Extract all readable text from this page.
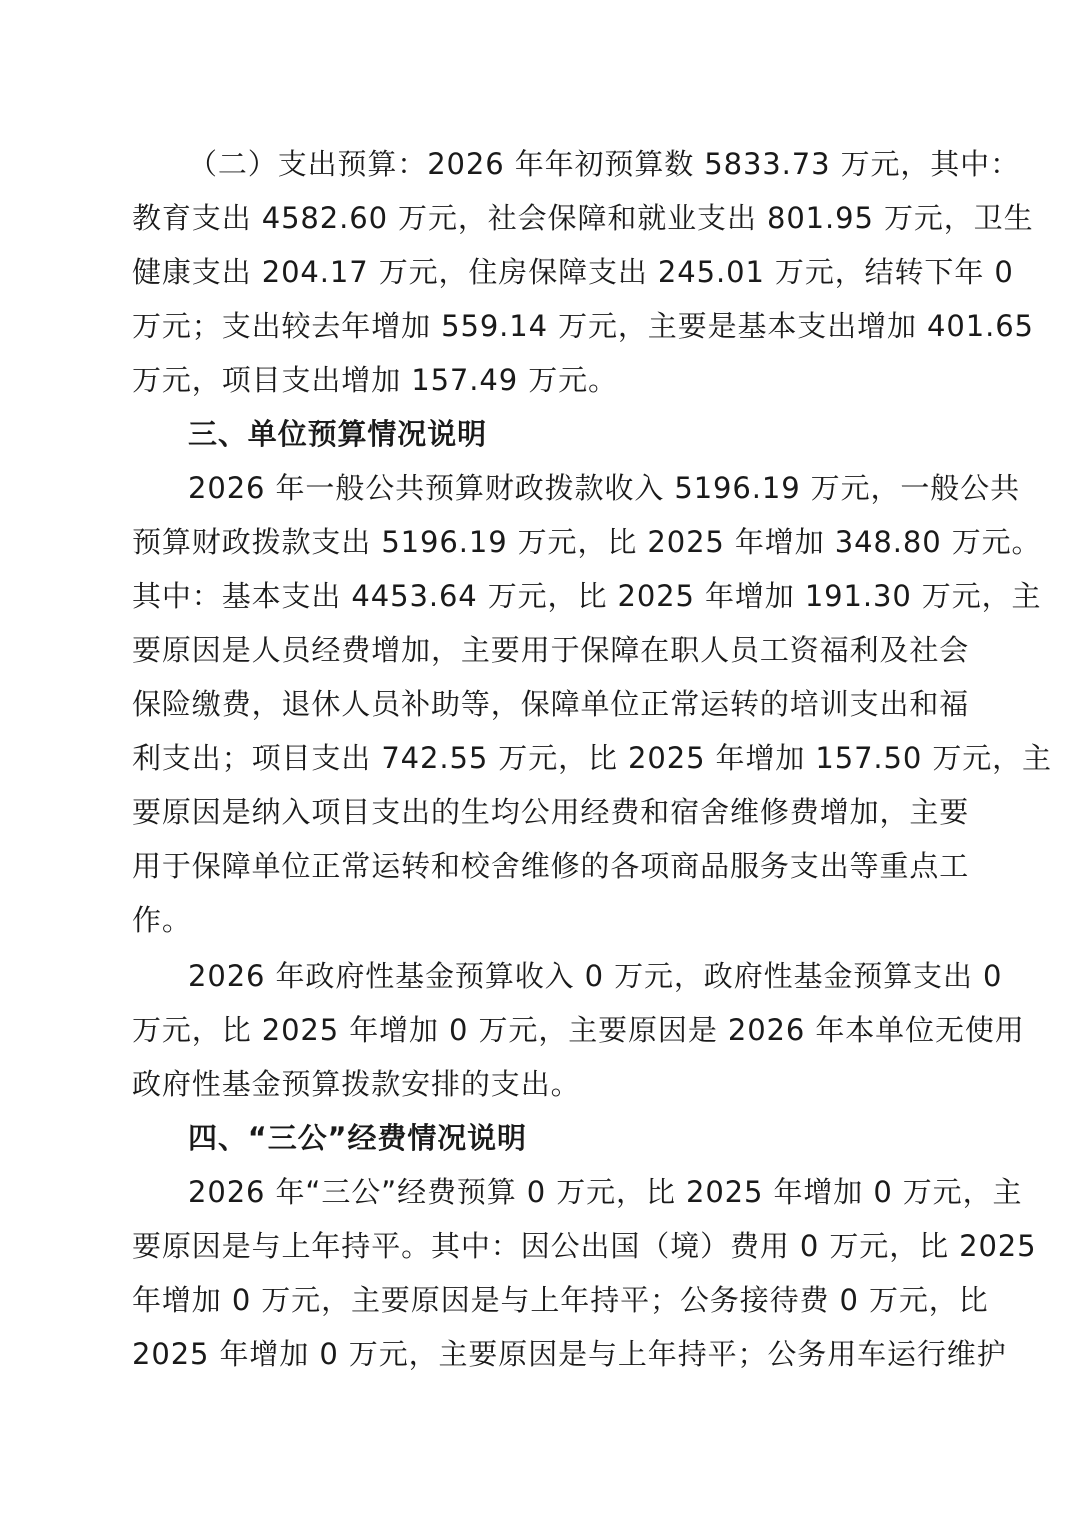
（二）支出预算：2026 年年初预算数 5833.73 万元，其中：
教育支出 4582.60 万元，社会保障和就业支出 801.95 万元，卫生
健康支出 204.17 万元，住房保障支出 245.01 万元，结转下年 0
万元；支出较去年增加 559.14 万元，主要是基本支出增加 401.65
万元，项目支出增加 157.49 万元。
三、单位预算情况说明
2026 年一般公共预算财政拨款收入 5196.19 万元，一般公共
预算财政拨款支出 5196.19 万元，比 2025 年增加 348.80 万元。
其中：基本支出 4453.64 万元，比 2025 年增加 191.30 万元，主
要原因是人员经费增加，主要用于保障在职人员工资福利及社会
保险缴费，退休人员补助等，保障单位正常运转的培训支出和福
利支出；项目支出 742.55 万元，比 2025 年增加 157.50 万元，主
要原因是纳入项目支出的生均公用经费和宿舍维修费增加，主要
用于保障单位正常运转和校舍维修的各项商品服务支出等重点工
作。
2026 年政府性基金预算收入 0 万元，政府性基金预算支出 0
万元，比 2025 年增加 0 万元，主要原因是 2026 年本单位无使用
政府性基金预算拨款安排的支出。
四、“三公”经费情况说明
2026 年“三公”经费预算 0 万元，比 2025 年增加 0 万元，主
要原因是与上年持平。其中：因公出国（境）费用 0 万元，比 2025
年增加 0 万元，主要原因是与上年持平；公务接待费 0 万元，比
2025 年增加 0 万元，主要原因是与上年持平；公务用车运行维护
